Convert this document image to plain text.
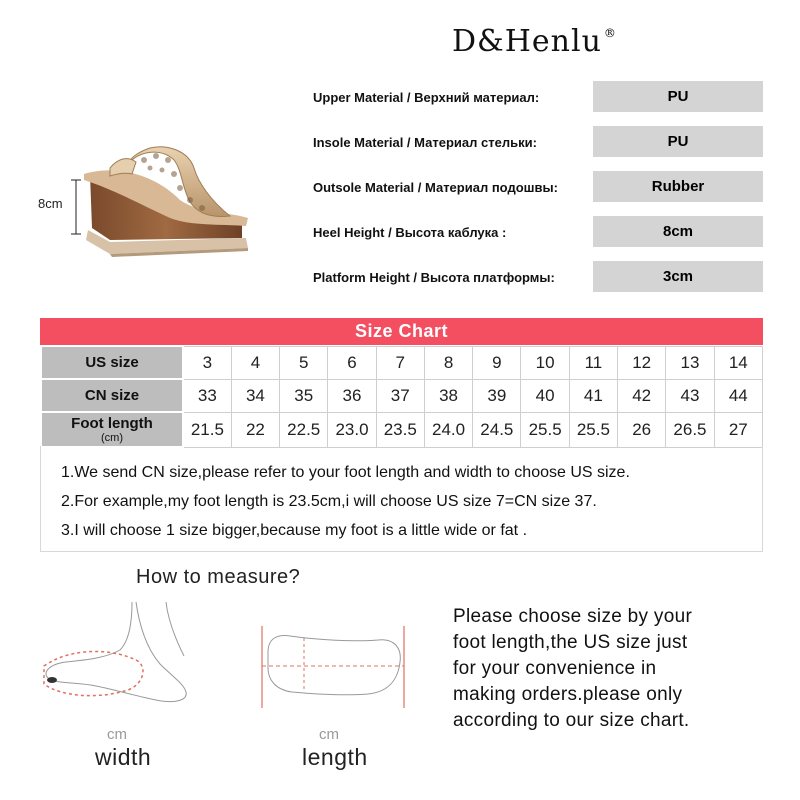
D&Henlu ®
8cm
Upper Material / Верхний материал:	PU
Insole Material / Материал стельки:	PU
Outsole Material / Материал подошвы:	Rubber
Heel Height / Высота каблука :	8cm
Platform Height / Высота платформы:	3cm
Size Chart
US size	3	4	5	6	7	8	9	10	11	12	13	14

CN size	33	34	35	36	37	38	39	40	41	42	43	44

Foot length
(cm)	21.5	22	22.5	23.0	23.5	24.0	24.5	25.5	25.5	26	26.5	27

1.We send CN size,please refer to your foot length and width to choose US size.

2.For example,my foot length is 23.5cm,i will choose US size 7=CN size 37.

3.I will choose 1 size bigger,because my foot is a little wide or fat .

How to measure?
cm
width
cm
length
Please choose size by your
foot length,the US size just
for your convenience in
making orders.please only
according to our size chart.
